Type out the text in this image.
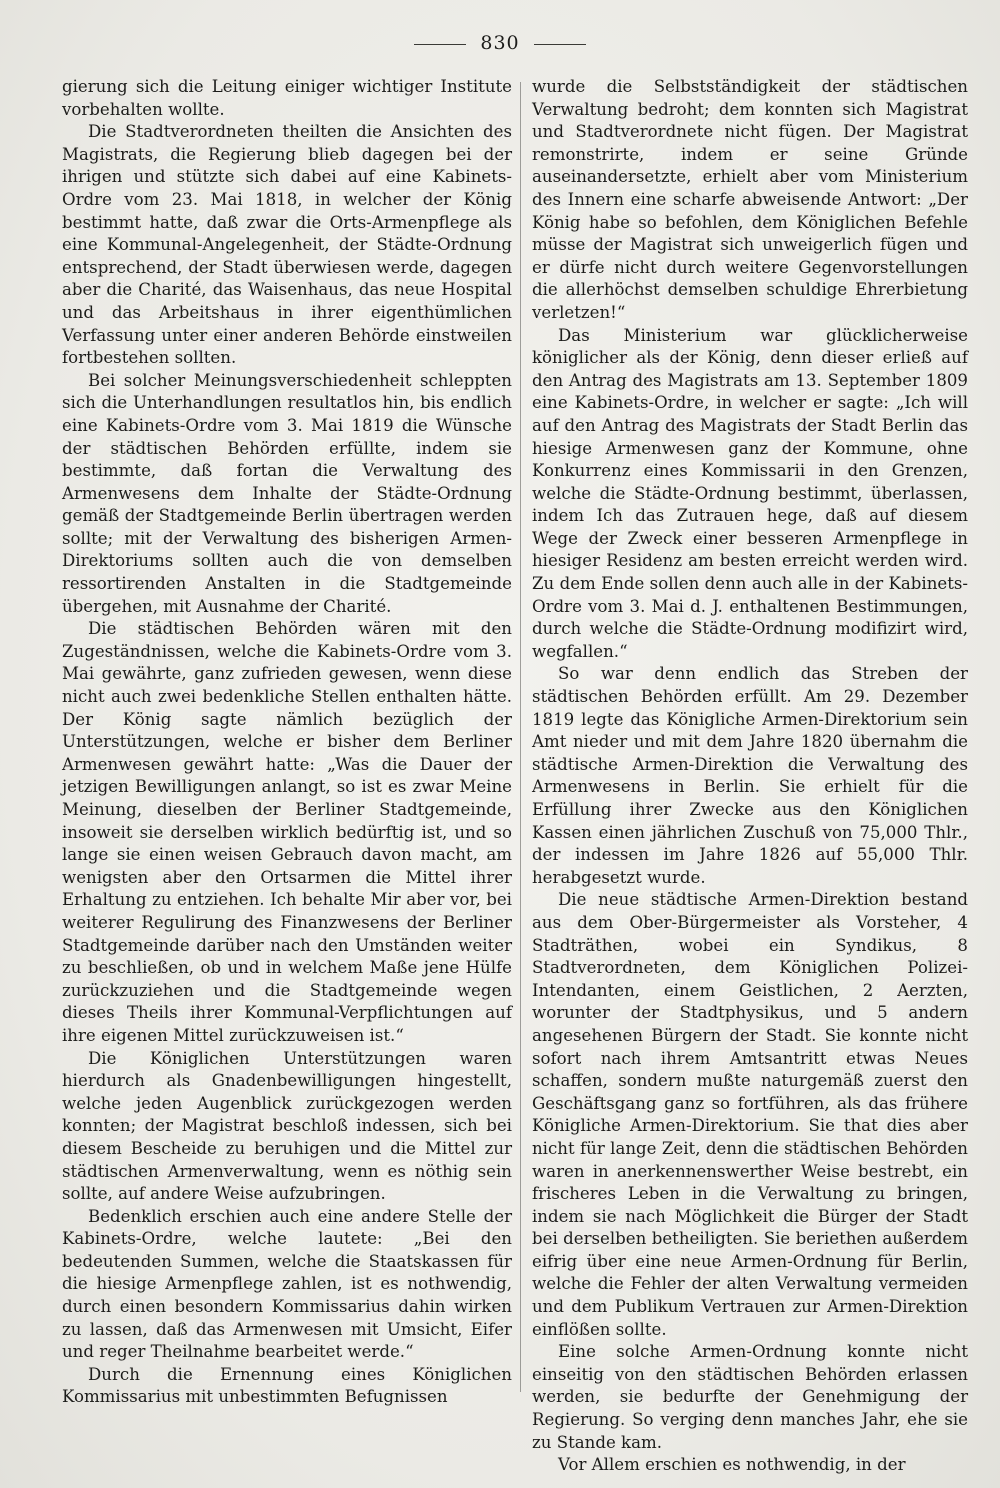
830

gierung sich die Leitung einiger wichtiger Institute vorbehalten wollte.

Die Stadtverordneten theilten die Ansichten des Magistrats, die Regierung blieb dagegen bei der ihrigen und stützte sich dabei auf eine Kabinets-Ordre vom 23. Mai 1818, in welcher der König bestimmt hatte, daß zwar die Orts-Armenpflege als eine Kommunal-Angelegenheit, der Städte-Ordnung entsprechend, der Stadt überwiesen werde, dagegen aber die Charité, das Waisenhaus, das neue Hospital und das Arbeitshaus in ihrer eigenthümlichen Verfassung unter einer anderen Behörde einstweilen fortbestehen sollten.

Bei solcher Meinungsverschiedenheit schleppten sich die Unterhandlungen resultatlos hin, bis endlich eine Kabinets-Ordre vom 3. Mai 1819 die Wünsche der städtischen Behörden erfüllte, indem sie bestimmte, daß fortan die Verwaltung des Armenwesens dem Inhalte der Städte-Ordnung gemäß der Stadtgemeinde Berlin übertragen werden sollte; mit der Verwaltung des bisherigen Armen-Direktoriums sollten auch die von demselben ressortirenden Anstalten in die Stadtgemeinde übergehen, mit Ausnahme der Charité.

Die städtischen Behörden wären mit den Zugeständnissen, welche die Kabinets-Ordre vom 3. Mai gewährte, ganz zufrieden gewesen, wenn diese nicht auch zwei bedenkliche Stellen enthalten hätte. Der König sagte nämlich bezüglich der Unterstützungen, welche er bisher dem Berliner Armenwesen gewährt hatte: „Was die Dauer der jetzigen Bewilligungen anlangt, so ist es zwar Meine Meinung, dieselben der Berliner Stadtgemeinde, insoweit sie derselben wirklich bedürftig ist, und so lange sie einen weisen Gebrauch davon macht, am wenigsten aber den Ortsarmen die Mittel ihrer Erhaltung zu entziehen. Ich behalte Mir aber vor, bei weiterer Regulirung des Finanzwesens der Berliner Stadtgemeinde darüber nach den Umständen weiter zu beschließen, ob und in welchem Maße jene Hülfe zurückzuziehen und die Stadtgemeinde wegen dieses Theils ihrer Kommunal-Verpflichtungen auf ihre eigenen Mittel zurückzuweisen ist.“

Die Königlichen Unterstützungen waren hierdurch als Gnadenbewilligungen hingestellt, welche jeden Augenblick zurückgezogen werden konnten; der Magistrat beschloß indessen, sich bei diesem Bescheide zu beruhigen und die Mittel zur städtischen Armenverwaltung, wenn es nöthig sein sollte, auf andere Weise aufzubringen.

Bedenklich erschien auch eine andere Stelle der Kabinets-Ordre, welche lautete: „Bei den bedeutenden Summen, welche die Staatskassen für die hiesige Armenpflege zahlen, ist es nothwendig, durch einen besondern Kommissarius dahin wirken zu lassen, daß das Armenwesen mit Umsicht, Eifer und reger Theilnahme bearbeitet werde.“

Durch die Ernennung eines Königlichen Kommissarius mit unbestimmten Befugnissen

wurde die Selbstständigkeit der städtischen Verwaltung bedroht; dem konnten sich Magistrat und Stadtverordnete nicht fügen. Der Magistrat remonstrirte, indem er seine Gründe auseinandersetzte, erhielt aber vom Ministerium des Innern eine scharfe abweisende Antwort: „Der König habe so befohlen, dem Königlichen Befehle müsse der Magistrat sich unweigerlich fügen und er dürfe nicht durch weitere Gegenvorstellungen die allerhöchst demselben schuldige Ehrerbietung verletzen!“

Das Ministerium war glücklicherweise königlicher als der König, denn dieser erließ auf den Antrag des Magistrats am 13. September 1809 eine Kabinets-Ordre, in welcher er sagte: „Ich will auf den Antrag des Magistrats der Stadt Berlin das hiesige Armenwesen ganz der Kommune, ohne Konkurrenz eines Kommissarii in den Grenzen, welche die Städte-Ordnung bestimmt, überlassen, indem Ich das Zutrauen hege, daß auf diesem Wege der Zweck einer besseren Armenpflege in hiesiger Residenz am besten erreicht werden wird. Zu dem Ende sollen denn auch alle in der Kabinets-Ordre vom 3. Mai d. J. enthaltenen Bestimmungen, durch welche die Städte-Ordnung modifizirt wird, wegfallen.“

So war denn endlich das Streben der städtischen Behörden erfüllt. Am 29. Dezember 1819 legte das Königliche Armen-Direktorium sein Amt nieder und mit dem Jahre 1820 übernahm die städtische Armen-Direktion die Verwaltung des Armenwesens in Berlin. Sie erhielt für die Erfüllung ihrer Zwecke aus den Königlichen Kassen einen jährlichen Zuschuß von 75,000 Thlr., der indessen im Jahre 1826 auf 55,000 Thlr. herabgesetzt wurde.

Die neue städtische Armen-Direktion bestand aus dem Ober-Bürgermeister als Vorsteher, 4 Stadträthen, wobei ein Syndikus, 8 Stadtverordneten, dem Königlichen Polizei-Intendanten, einem Geistlichen, 2 Aerzten, worunter der Stadtphysikus, und 5 andern angesehenen Bürgern der Stadt. Sie konnte nicht sofort nach ihrem Amtsantritt etwas Neues schaffen, sondern mußte naturgemäß zuerst den Geschäftsgang ganz so fortführen, als das frühere Königliche Armen-Direktorium. Sie that dies aber nicht für lange Zeit, denn die städtischen Behörden waren in anerkennenswerther Weise bestrebt, ein frischeres Leben in die Verwaltung zu bringen, indem sie nach Möglichkeit die Bürger der Stadt bei derselben betheiligten. Sie beriethen außerdem eifrig über eine neue Armen-Ordnung für Berlin, welche die Fehler der alten Verwaltung vermeiden und dem Publikum Vertrauen zur Armen-Direktion einflößen sollte.

Eine solche Armen-Ordnung konnte nicht einseitig von den städtischen Behörden erlassen werden, sie bedurfte der Genehmigung der Regierung. So verging denn manches Jahr, ehe sie zu Stande kam.

Vor Allem erschien es nothwendig, in der
